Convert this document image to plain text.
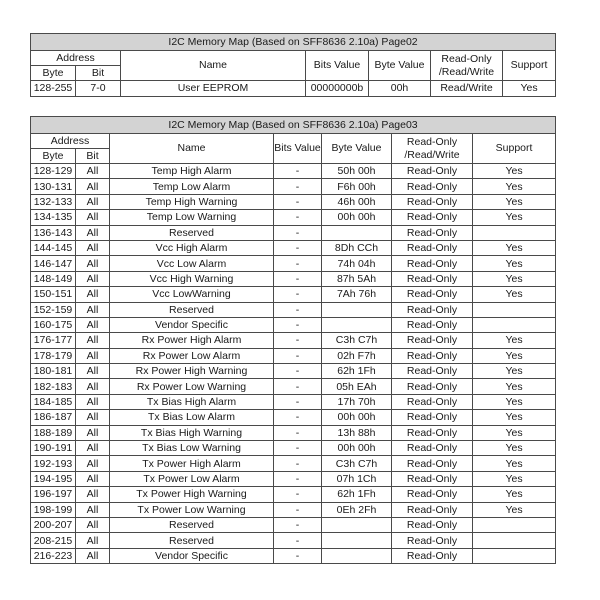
I2C Memory Map (Based on SFF8636 2.10a) Page02						
Address		Name	Bits Value	Byte Value	Read-Only
/Read/Write	Support
Byte	Bit					
128-255	7-0	User EEPROM	00000000b	00h	Read/Write	Yes
I2C Memory Map (Based on SFF8636 2.10a) Page03						
Address		Name	Bits Value	Byte Value	Read-Only
/Read/Write	Support
Byte	Bit					
128-129	All	Temp High Alarm	-	50h 00h	Read-Only	Yes
130-131	All	Temp Low Alarm	-	F6h 00h	Read-Only	Yes
132-133	All	Temp High Warning	-	46h 00h	Read-Only	Yes
134-135	All	Temp Low Warning	-	00h 00h	Read-Only	Yes
136-143	All	Reserved	-		Read-Only	
144-145	All	Vcc High Alarm	-	8Dh CCh	Read-Only	Yes
146-147	All	Vcc Low Alarm	-	74h 04h	Read-Only	Yes
148-149	All	Vcc High Warning	-	87h 5Ah	Read-Only	Yes
150-151	All	Vcc LowWarning	-	7Ah 76h	Read-Only	Yes
152-159	All	Reserved	-		Read-Only	
160-175	All	Vendor Specific	-		Read-Only	
176-177	All	Rx Power High Alarm	-	C3h C7h	Read-Only	Yes
178-179	All	Rx Power Low Alarm	-	02h F7h	Read-Only	Yes
180-181	All	Rx Power High Warning	-	62h 1Fh	Read-Only	Yes
182-183	All	Rx Power Low Warning	-	05h EAh	Read-Only	Yes
184-185	All	Tx Bias High Alarm	-	17h 70h	Read-Only	Yes
186-187	All	Tx Bias Low Alarm	-	00h 00h	Read-Only	Yes
188-189	All	Tx Bias High Warning	-	13h 88h	Read-Only	Yes
190-191	All	Tx Bias Low Warning	-	00h 00h	Read-Only	Yes
192-193	All	Tx Power High Alarm	-	C3h C7h	Read-Only	Yes
194-195	All	Tx Power Low Alarm	-	07h 1Ch	Read-Only	Yes
196-197	All	Tx Power High Warning	-	62h 1Fh	Read-Only	Yes
198-199	All	Tx Power Low Warning	-	0Eh 2Fh	Read-Only	Yes
200-207	All	Reserved	-		Read-Only	
208-215	All	Reserved	-		Read-Only	
216-223	All	Vendor Specific	-		Read-Only	
